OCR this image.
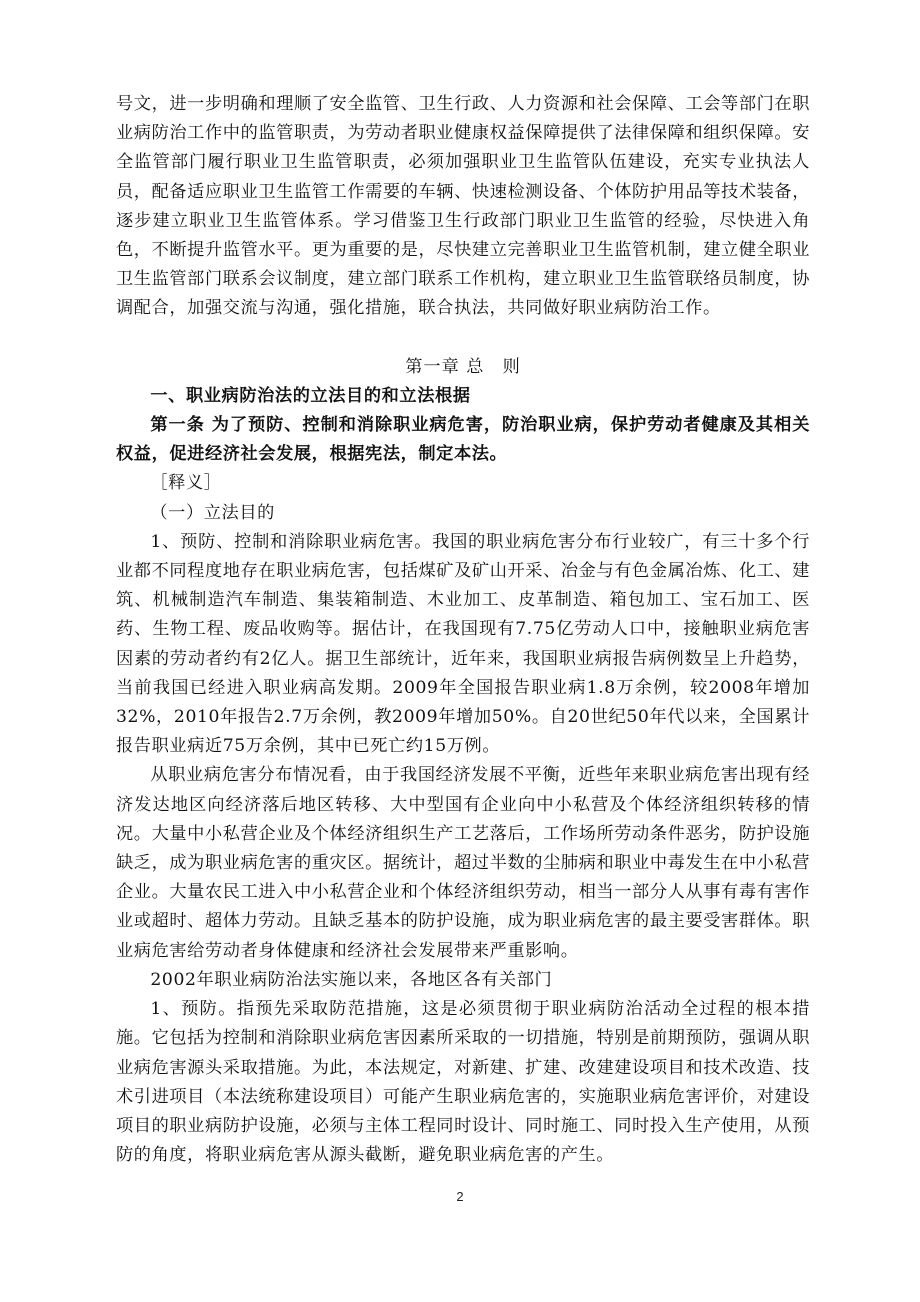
号文，进一步明确和理顺了安全监管、卫生行政、人力资源和社会保障、工会等部门在职业病防治工作中的监管职责，为劳动者职业健康权益保障提供了法律保障和组织保障。安全监管部门履行职业卫生监管职责，必须加强职业卫生监管队伍建设，充实专业执法人员，配备适应职业卫生监管工作需要的车辆、快速检测设备、个体防护用品等技术装备，逐步建立职业卫生监管体系。学习借鉴卫生行政部门职业卫生监管的经验，尽快进入角色，不断提升监管水平。更为重要的是，尽快建立完善职业卫生监管机制，建立健全职业卫生监管部门联系会议制度，建立部门联系工作机构，建立职业卫生监管联络员制度，协调配合，加强交流与沟通，强化措施，联合执法，共同做好职业病防治工作。

第一章 总　则

一、职业病防治法的立法目的和立法根据

第一条 为了预防、控制和消除职业病危害，防治职业病，保护劳动者健康及其相关权益，促进经济社会发展，根据宪法，制定本法。

［释义］

（一）立法目的

1、预防、控制和消除职业病危害。我国的职业病危害分布行业较广，有三十多个行业都不同程度地存在职业病危害，包括煤矿及矿山开采、冶金与有色金属冶炼、化工、建筑、机械制造汽车制造、集装箱制造、木业加工、皮革制造、箱包加工、宝石加工、医药、生物工程、废品收购等。据估计，在我国现有7.75亿劳动人口中，接触职业病危害因素的劳动者约有2亿人。据卫生部统计，近年来，我国职业病报告病例数呈上升趋势，当前我国已经进入职业病高发期。2009年全国报告职业病1.8万余例，较2008年增加32%，2010年报告2.7万余例，教2009年增加50%。自20世纪50年代以来，全国累计报告职业病近75万余例，其中已死亡约15万例。

从职业病危害分布情况看，由于我国经济发展不平衡，近些年来职业病危害出现有经济发达地区向经济落后地区转移、大中型国有企业向中小私营及个体经济组织转移的情况。大量中小私营企业及个体经济组织生产工艺落后，工作场所劳动条件恶劣，防护设施缺乏，成为职业病危害的重灾区。据统计，超过半数的尘肺病和职业中毒发生在中小私营企业。大量农民工进入中小私营企业和个体经济组织劳动，相当一部分人从事有毒有害作业或超时、超体力劳动。且缺乏基本的防护设施，成为职业病危害的最主要受害群体。职业病危害给劳动者身体健康和经济社会发展带来严重影响。

2002年职业病防治法实施以来，各地区各有关部门

1、预防。指预先采取防范措施，这是必须贯彻于职业病防治活动全过程的根本措施。它包括为控制和消除职业病危害因素所采取的一切措施，特别是前期预防，强调从职业病危害源头采取措施。为此，本法规定，对新建、扩建、改建建设项目和技术改造、技术引进项目（本法统称建设项目）可能产生职业病危害的，实施职业病危害评价，对建设项目的职业病防护设施，必须与主体工程同时设计、同时施工、同时投入生产使用，从预防的角度，将职业病危害从源头截断，避免职业病危害的产生。

2
